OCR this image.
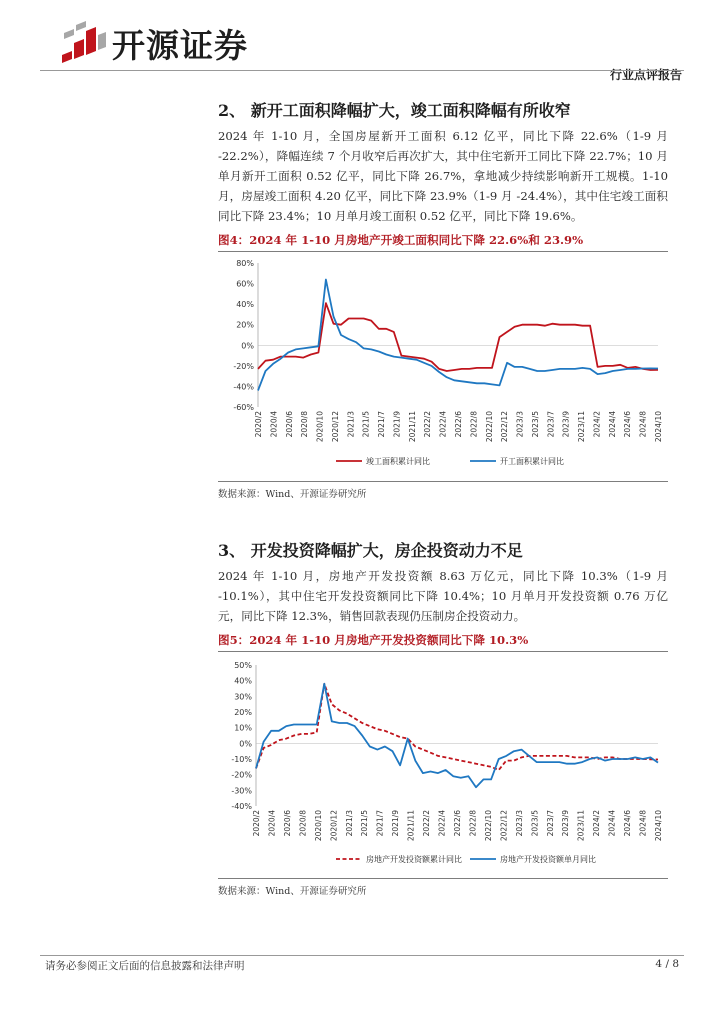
开源证券
行业点评报告
2、 新开工面积降幅扩大，竣工面积降幅有所收窄
2024 年 1-10 月，全国房屋新开工面积 6.12 亿平，同比下降 22.6%（1-9 月 -22.2%），降幅连续 7 个月收窄后再次扩大，其中住宅新开工同比下降 22.7%；10 月单月新开工面积 0.52 亿平，同比下降 26.7%，拿地减少持续影响新开工规模。1-10 月，房屋竣工面积 4.20 亿平，同比下降 23.9%（1-9 月 -24.4%），其中住宅竣工面积同比下降 23.4%；10 月单月竣工面积 0.52 亿平，同比下降 19.6%。
图4：2024 年 1-10 月房地产开竣工面积同比下降 22.6%和 23.9%
80%
60%
40%
20%
0%
-20%
-40%
-60%
2020/2 2020/4 2020/6 2020/8 2020/10 2020/12 2021/3 2021/5 2021/7 2021/9 2021/11 2022/2 2022/4 2022/6 2022/8 2022/10 2022/12 2023/3 2023/5 2023/7 2023/9 2023/11 2024/2 2024/4 2024/6 2024/8 2024/10
竣工面积累计同比	开工面积累计同比
数据来源：Wind、开源证券研究所
3、 开发投资降幅扩大，房企投资动力不足
2024 年 1-10 月，房地产开发投资额 8.63 万亿元，同比下降 10.3%（1-9 月 -10.1%），其中住宅开发投资额同比下降 10.4%；10 月单月开发投资额 0.76 万亿元，同比下降 12.3%，销售回款表现仍压制房企投资动力。
图5：2024 年 1-10 月房地产开发投资额同比下降 10.3%
50%
40%
30%
20%
10%
0%
-10%
-20%
-30%
-40%
2020/2 2020/4 2020/6 2020/8 2020/10 2020/12 2021/3 2021/5 2021/7 2021/9 2021/11 2022/2 2022/4 2022/6 2022/8 2022/10 2022/12 2023/3 2023/5 2023/7 2023/9 2023/11 2024/2 2024/4 2024/6 2024/8 2024/10
房地产开发投资额累计同比	房地产开发投资额单月同比
数据来源：Wind、开源证券研究所
请务必参阅正文后面的信息披露和法律声明	4 / 8
